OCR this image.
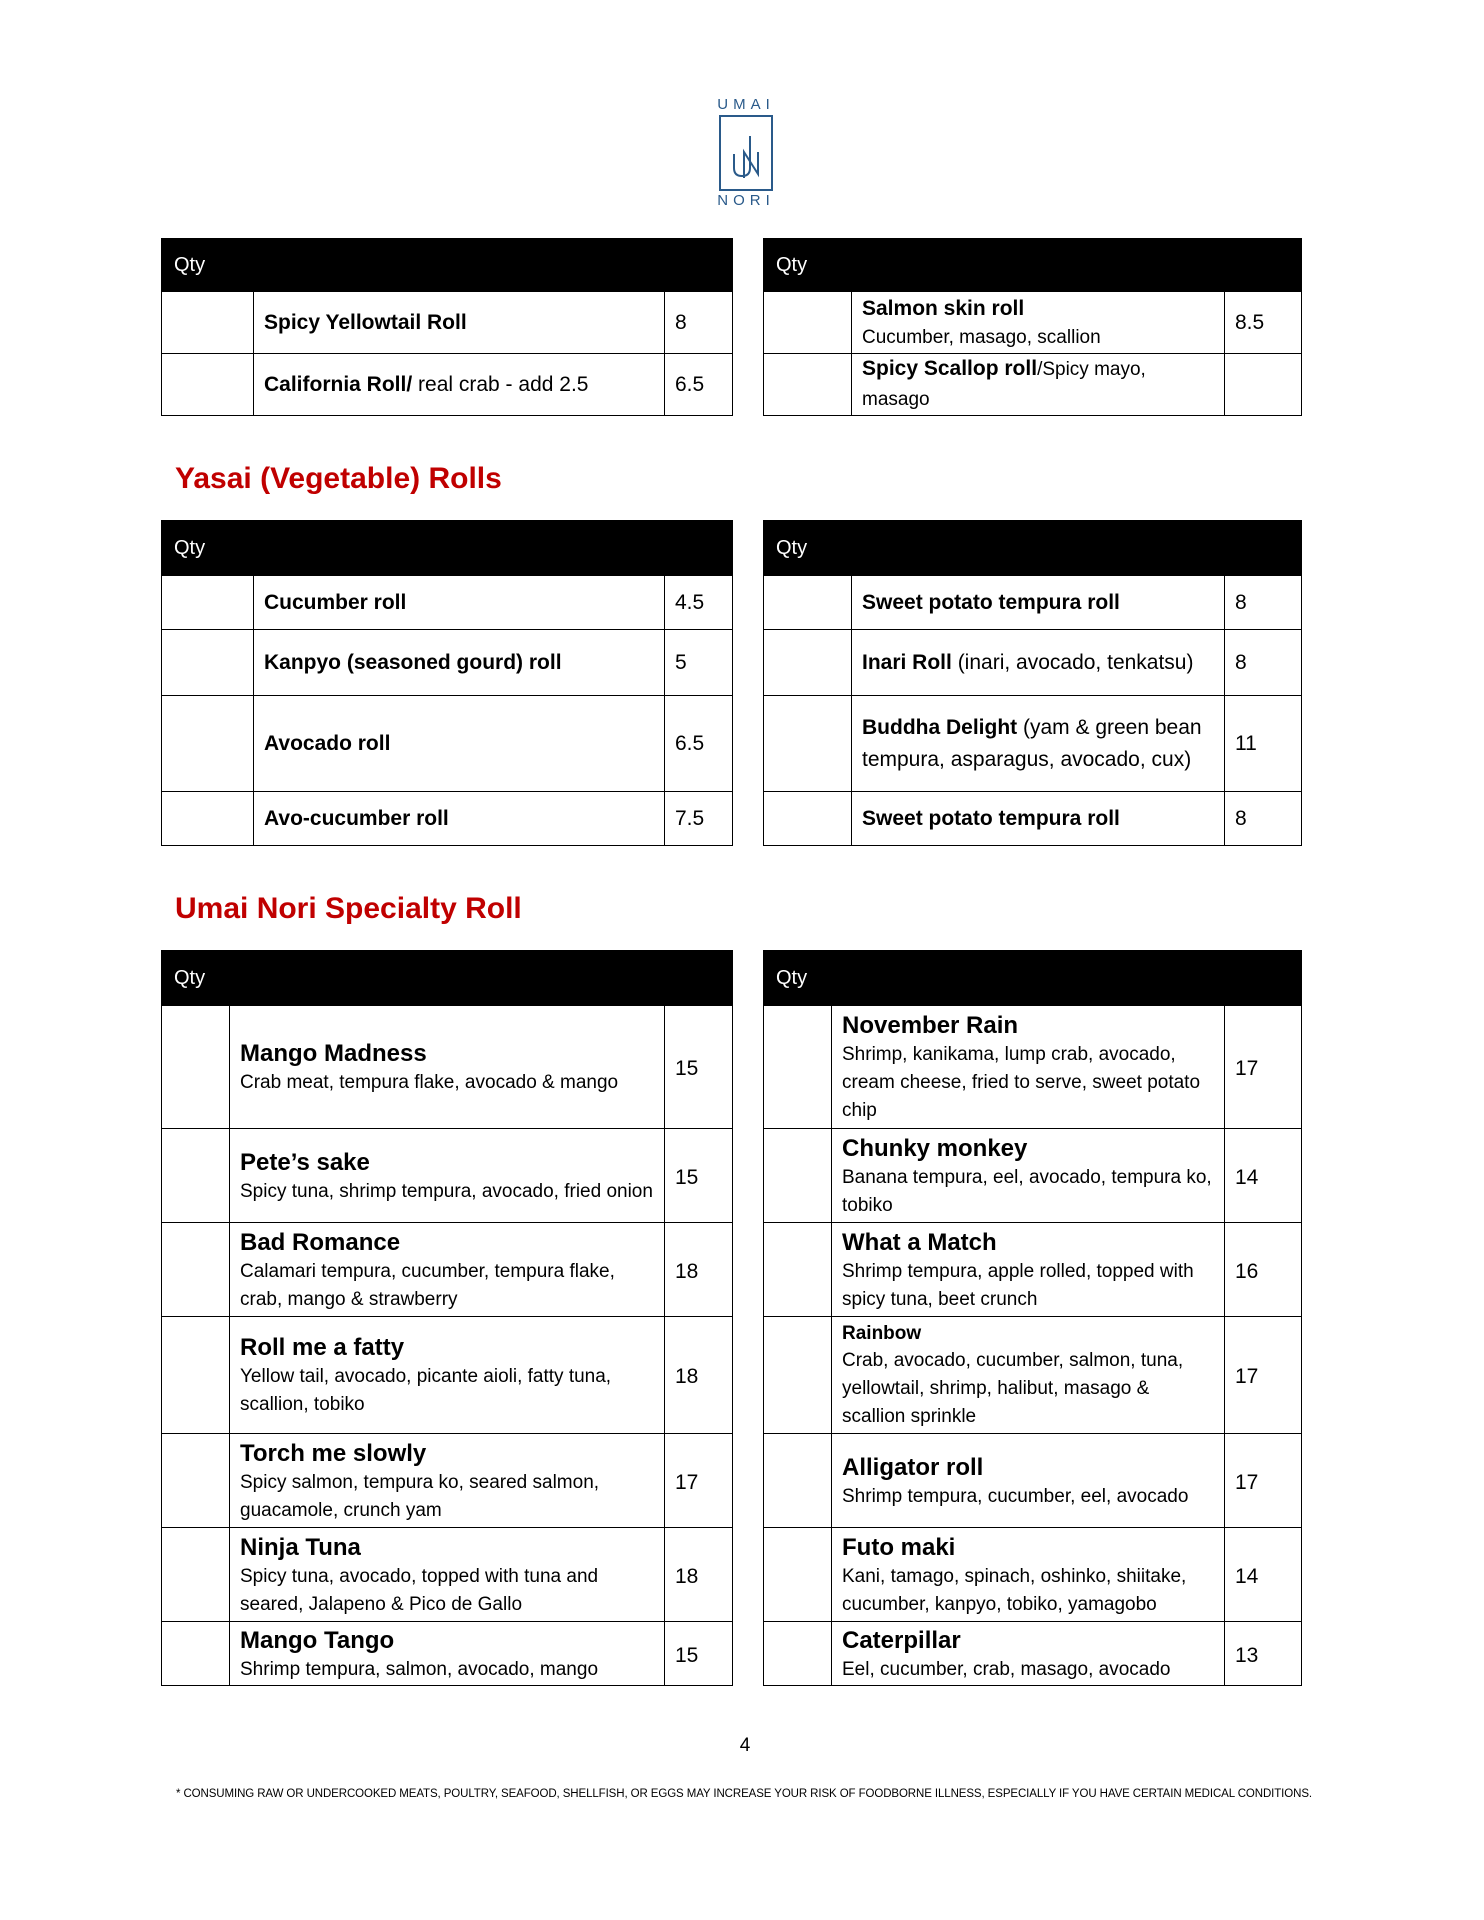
UMAI
NORI
Qty		
	Spicy Yellowtail Roll	8
	California Roll/ real crab - add 2.5	6.5
Qty		

	Salmon skin roll
Cucumber, masago, scallion	8.5
	Spicy Scallop roll/Spicy mayo, masago	
Yasai (Vegetable) Rolls
Qty		
	Cucumber roll	4.5
	Kanpyo (seasoned gourd) roll	5
	Avocado roll	6.5
	Avo-cucumber roll	7.5
Qty		
	Sweet potato tempura roll	8
	Inari Roll (inari, avocado, tenkatsu)	8
	Buddha Delight (yam & green bean tempura, asparagus, avocado, cux)	11
	Sweet potato tempura roll	8
Umai Nori Specialty Roll
Qty		

	Mango Madness
Crab meat, tempura flake, avocado & mango	15

	Pete’s sake
Spicy tuna, shrimp tempura, avocado, fried onion	15

	Bad Romance
Calamari tempura, cucumber, tempura flake, crab, mango & strawberry	18

	Roll me a fatty
Yellow tail, avocado, picante aioli, fatty tuna, scallion, tobiko	18

	Torch me slowly
Spicy salmon, tempura ko, seared salmon, guacamole, crunch yam	17

	Ninja Tuna
Spicy tuna, avocado, topped with tuna and seared, Jalapeno & Pico de Gallo	18

	Mango Tango
Shrimp tempura, salmon, avocado, mango	15
Qty		

	November Rain
Shrimp, kanikama, lump crab, avocado, cream cheese, fried to serve, sweet potato chip	17

	Chunky monkey
Banana tempura, eel, avocado, tempura ko, tobiko	14

	What a Match
Shrimp tempura, apple rolled, topped with spicy tuna, beet crunch	16

	Rainbow
Crab, avocado, cucumber, salmon, tuna, yellowtail, shrimp, halibut, masago & scallion sprinkle	17

	Alligator roll
Shrimp tempura, cucumber, eel, avocado	17

	Futo maki
Kani, tamago, spinach, oshinko, shiitake, cucumber, kanpyo, tobiko, yamagobo	14

	Caterpillar
Eel, cucumber, crab, masago, avocado	13
4
* CONSUMING RAW OR UNDERCOOKED MEATS, POULTRY, SEAFOOD, SHELLFISH, OR EGGS MAY INCREASE YOUR RISK OF FOODBORNE ILLNESS, ESPECIALLY IF YOU HAVE CERTAIN MEDICAL CONDITIONS.
